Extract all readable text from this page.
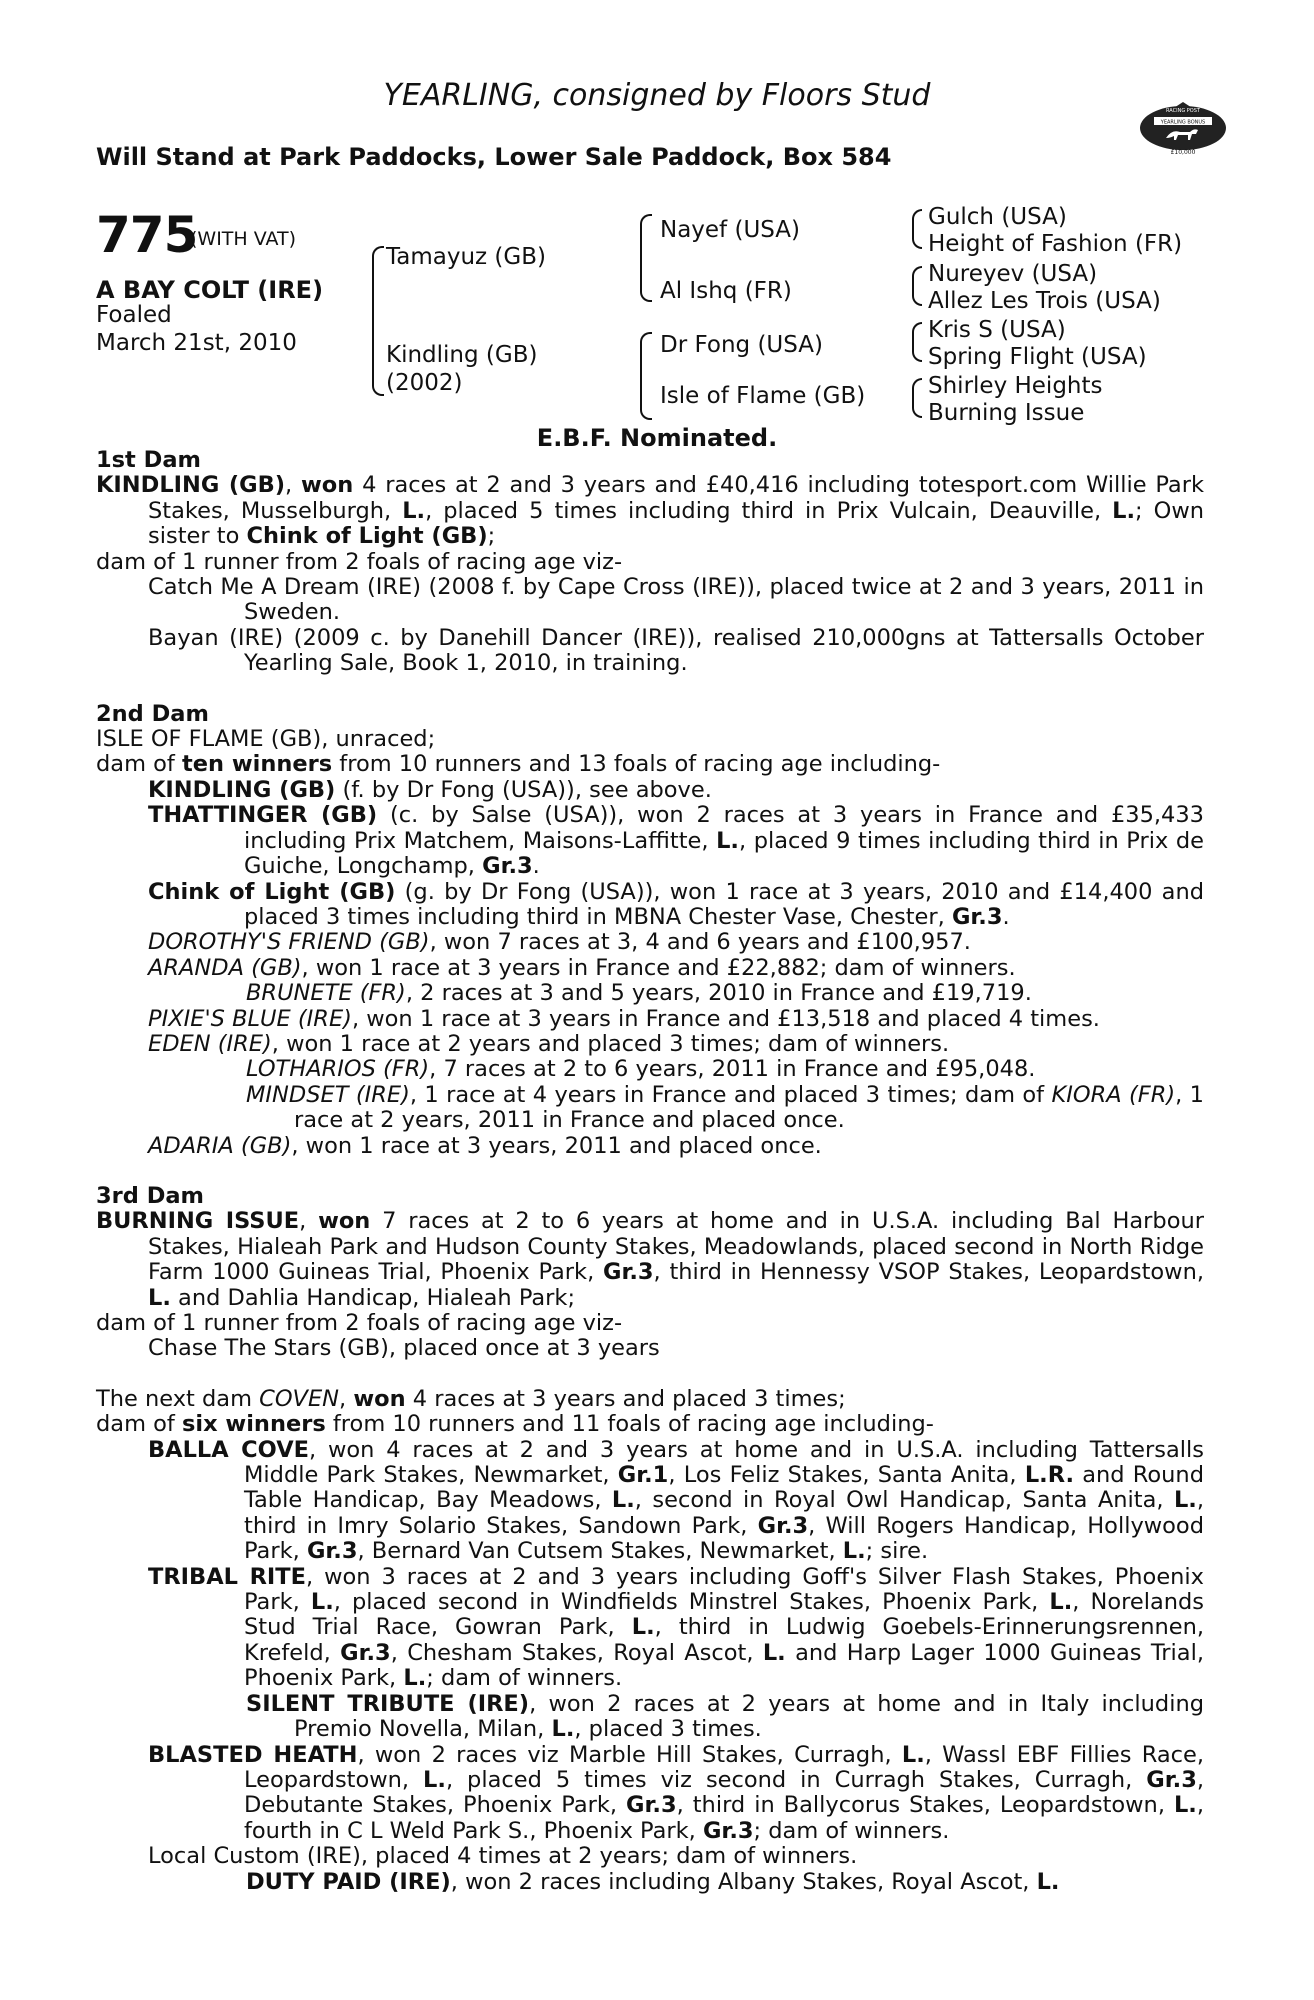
YEARLING, consigned by Floors Stud
Will Stand at Park Paddocks, Lower Sale Paddock, Box 584
RACING POST
YEARLING BONUS
£10,000
775
(WITH VAT)
A BAY COLT (IRE)
Foaled
March 21st, 2010
Tamayuz (GB)
Kindling (GB)
(2002)
Nayef (USA)
Al Ishq (FR)
Dr Fong (USA)
Isle of Flame (GB)
Gulch (USA)
Height of Fashion (FR)
Nureyev (USA)
Allez Les Trois (USA)
Kris S (USA)
Spring Flight (USA)
Shirley Heights
Burning Issue
E.B.F. Nominated.
1st Dam
KINDLING (GB), won 4 races at 2 and 3 years and £40,416 including totesport.com Willie Park Stakes, Musselburgh, L., placed 5 times including third in Prix Vulcain, Deauville, L.; Own sister to Chink of Light (GB);
dam of 1 runner from 2 foals of racing age viz-
Catch Me A Dream (IRE) (2008 f. by Cape Cross (IRE)), placed twice at 2 and 3 years, 2011 in Sweden.
Bayan (IRE) (2009 c. by Danehill Dancer (IRE)), realised 210,000gns at Tattersalls October Yearling Sale, Book 1, 2010, in training.
2nd Dam
ISLE OF FLAME (GB), unraced;
dam of ten winners from 10 runners and 13 foals of racing age including-
KINDLING (GB) (f. by Dr Fong (USA)), see above.
THATTINGER (GB) (c. by Salse (USA)), won 2 races at 3 years in France and £35,433 including Prix Matchem, Maisons-Laffitte, L., placed 9 times including third in Prix de Guiche, Longchamp, Gr.3.
Chink of Light (GB) (g. by Dr Fong (USA)), won 1 race at 3 years, 2010 and £14,400 and placed 3 times including third in MBNA Chester Vase, Chester, Gr.3.
DOROTHY'S FRIEND (GB), won 7 races at 3, 4 and 6 years and £100,957.
ARANDA (GB), won 1 race at 3 years in France and £22,882; dam of winners.
BRUNETE (FR), 2 races at 3 and 5 years, 2010 in France and £19,719.
PIXIE'S BLUE (IRE), won 1 race at 3 years in France and £13,518 and placed 4 times.
EDEN (IRE), won 1 race at 2 years and placed 3 times; dam of winners.
LOTHARIOS (FR), 7 races at 2 to 6 years, 2011 in France and £95,048.
MINDSET (IRE), 1 race at 4 years in France and placed 3 times; dam of KIORA (FR), 1 race at 2 years, 2011 in France and placed once.
ADARIA (GB), won 1 race at 3 years, 2011 and placed once.
3rd Dam
BURNING ISSUE, won 7 races at 2 to 6 years at home and in U.S.A. including Bal Harbour Stakes, Hialeah Park and Hudson County Stakes, Meadowlands, placed second in North Ridge Farm 1000 Guineas Trial, Phoenix Park, Gr.3, third in Hennessy VSOP Stakes, Leopardstown, L. and Dahlia Handicap, Hialeah Park;
dam of 1 runner from 2 foals of racing age viz-
Chase The Stars (GB), placed once at 3 years
The next dam COVEN, won 4 races at 3 years and placed 3 times;
dam of six winners from 10 runners and 11 foals of racing age including-
BALLA COVE, won 4 races at 2 and 3 years at home and in U.S.A. including Tattersalls Middle Park Stakes, Newmarket, Gr.1, Los Feliz Stakes, Santa Anita, L.R. and Round Table Handicap, Bay Meadows, L., second in Royal Owl Handicap, Santa Anita, L., third in Imry Solario Stakes, Sandown Park, Gr.3, Will Rogers Handicap, Hollywood Park, Gr.3, Bernard Van Cutsem Stakes, Newmarket, L.; sire.
TRIBAL RITE, won 3 races at 2 and 3 years including Goff's Silver Flash Stakes, Phoenix Park, L., placed second in Windfields Minstrel Stakes, Phoenix Park, L., Norelands Stud Trial Race, Gowran Park, L., third in Ludwig Goebels-Erinnerungsrennen, Krefeld, Gr.3, Chesham Stakes, Royal Ascot, L. and Harp Lager 1000 Guineas Trial, Phoenix Park, L.; dam of winners.
SILENT TRIBUTE (IRE), won 2 races at 2 years at home and in Italy including Premio Novella, Milan, L., placed 3 times.
BLASTED HEATH, won 2 races viz Marble Hill Stakes, Curragh, L., Wassl EBF Fillies Race, Leopardstown, L., placed 5 times viz second in Curragh Stakes, Curragh, Gr.3, Debutante Stakes, Phoenix Park, Gr.3, third in Ballycorus Stakes, Leopardstown, L., fourth in C L Weld Park S., Phoenix Park, Gr.3; dam of winners.
Local Custom (IRE), placed 4 times at 2 years; dam of winners.
DUTY PAID (IRE), won 2 races including Albany Stakes, Royal Ascot, L.
